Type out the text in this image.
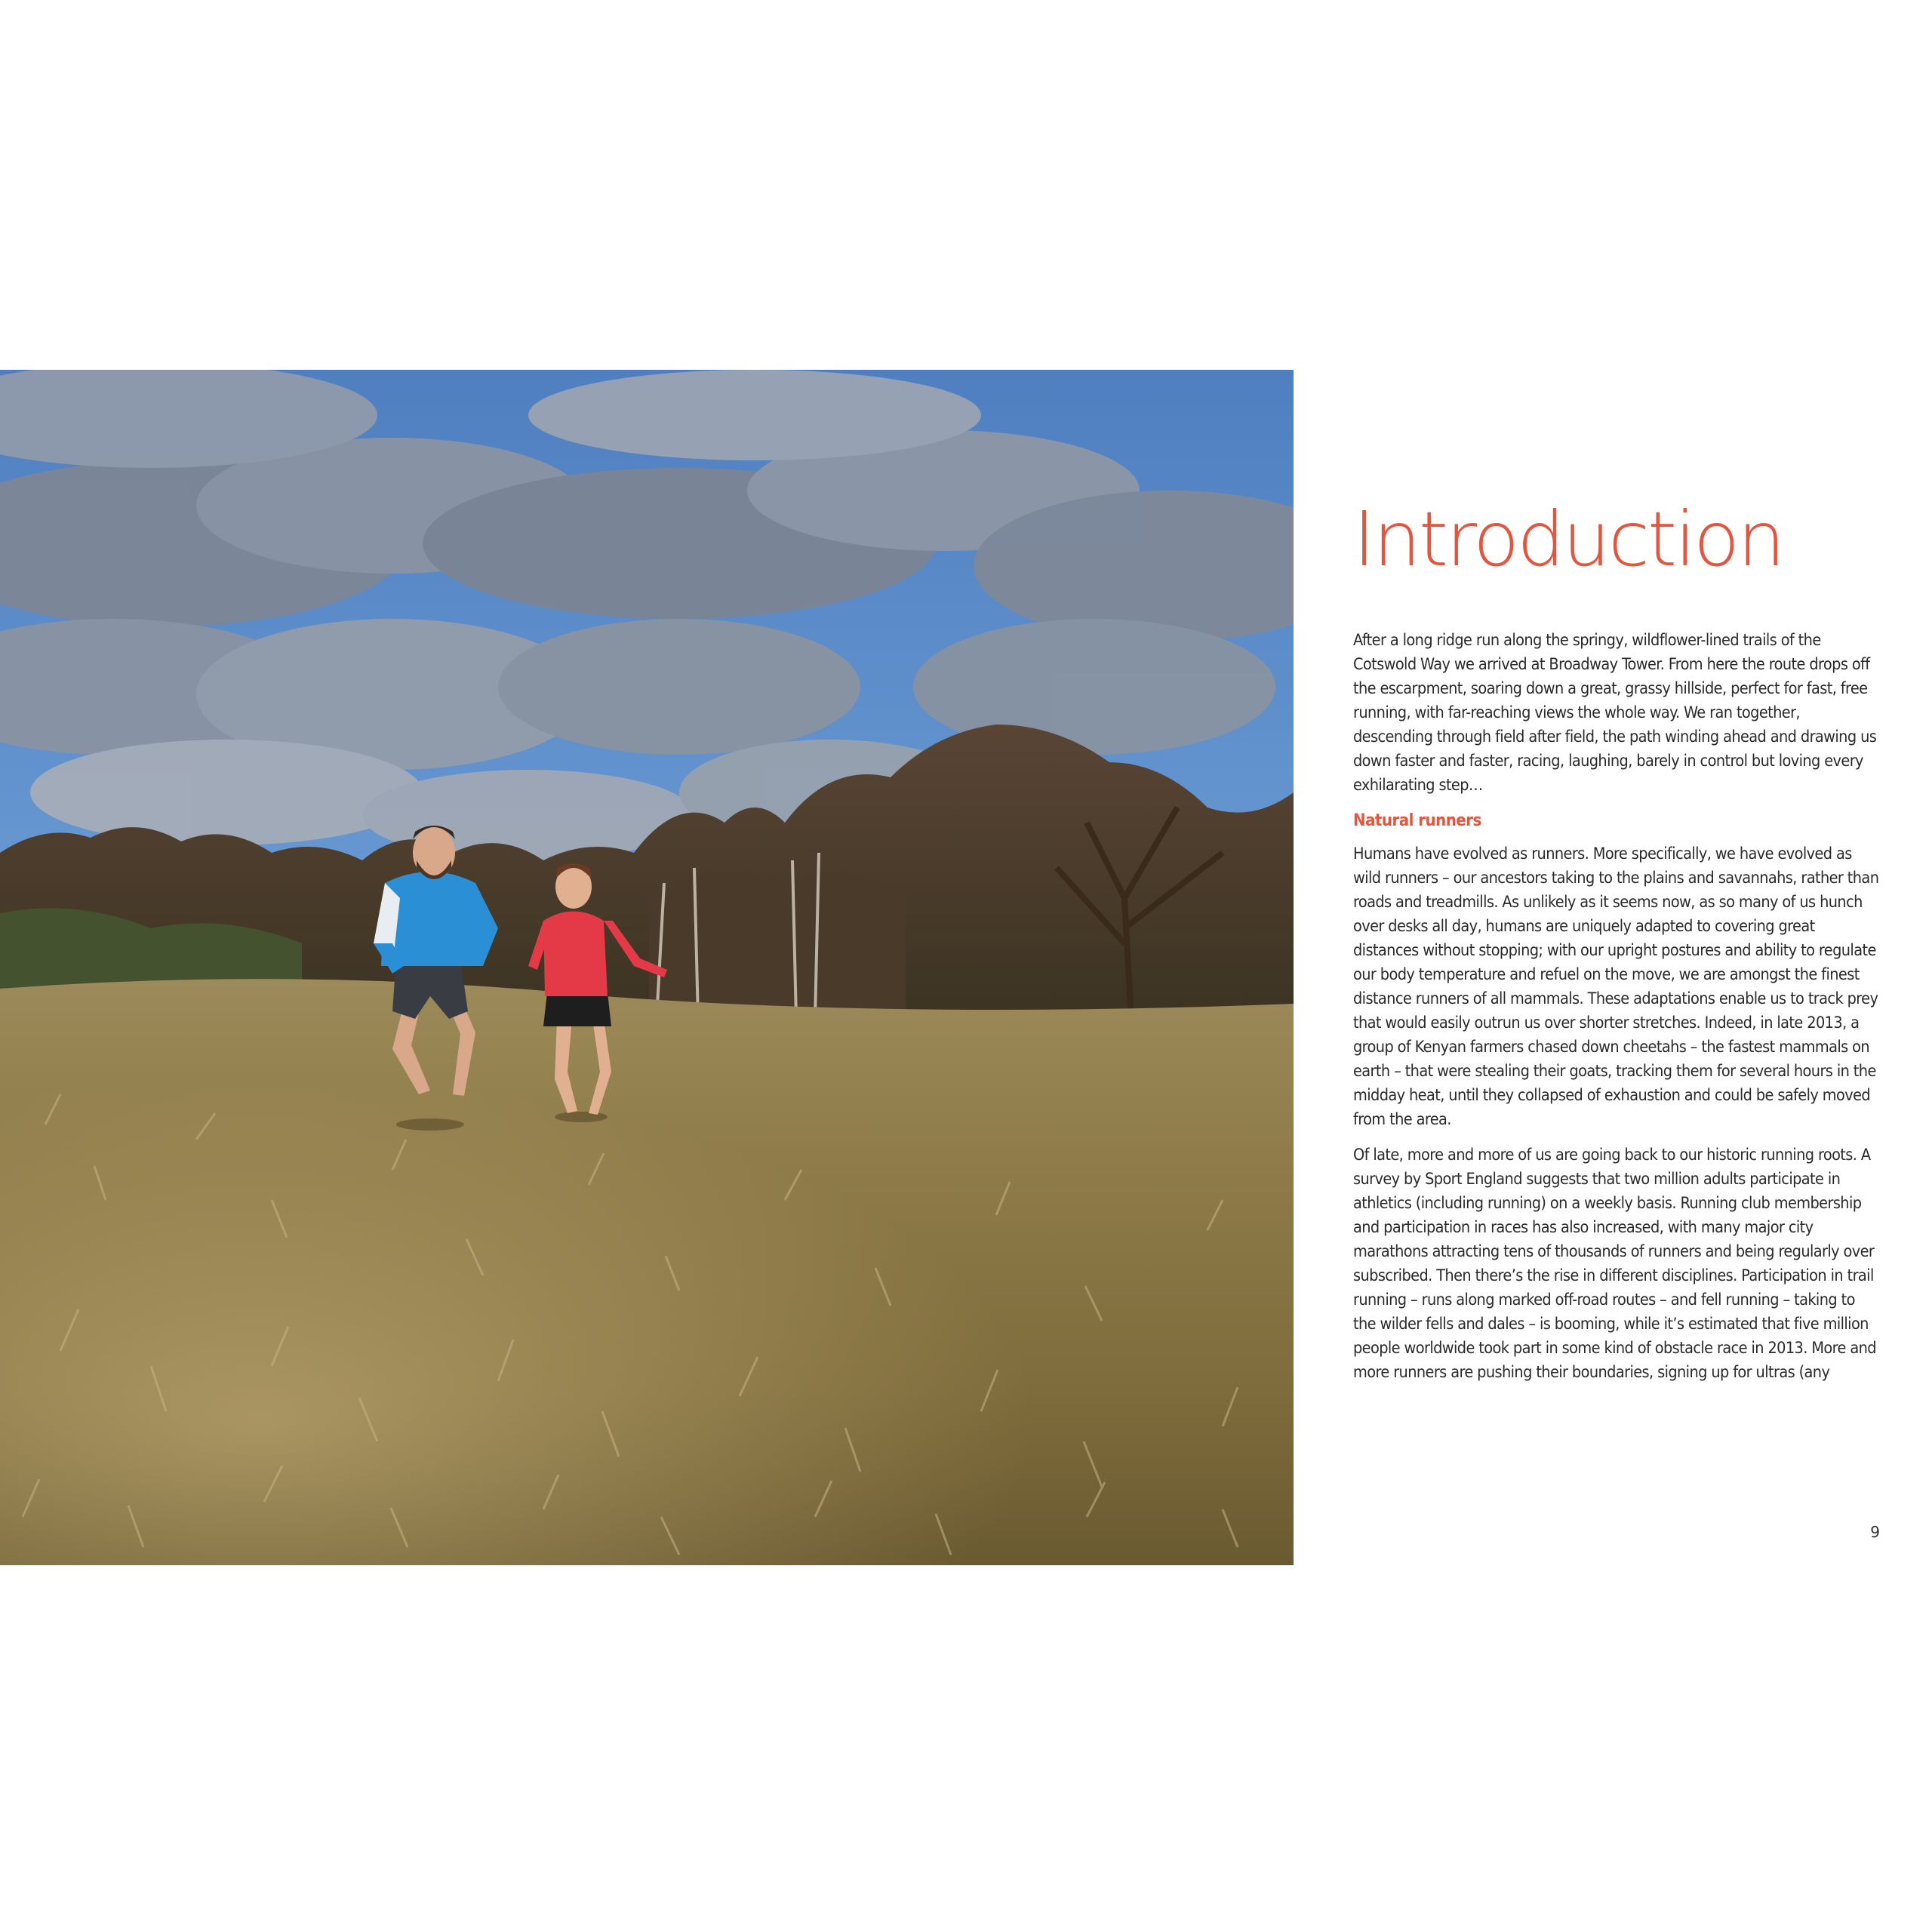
Introduction

After a long ridge run along the springy, wildflower-lined trails of the Cotswold Way we arrived at Broadway Tower. From here the route drops off the escarpment, soaring down a great, grassy hillside, perfect for fast, free running, with far-reaching views the whole way. We ran together, descending through field after field, the path winding ahead and drawing us down faster and faster, racing, laughing, barely in control but loving every exhilarating step…

Natural runners

Humans have evolved as runners. More specifically, we have evolved as wild runners – our ancestors taking to the plains and savannahs, rather than roads and treadmills. As unlikely as it seems now, as so many of us hunch over desks all day, humans are uniquely adapted to covering great distances without stopping; with our upright postures and ability to regulate our body temperature and refuel on the move, we are amongst the finest distance runners of all mammals. These adaptations enable us to track prey that would easily outrun us over shorter stretches. Indeed, in late 2013, a group of Kenyan farmers chased down cheetahs – the fastest mammals on earth – that were stealing their goats, tracking them for several hours in the midday heat, until they collapsed of exhaustion and could be safely moved from the area.

Of late, more and more of us are going back to our historic running roots. A survey by Sport England suggests that two million adults participate in athletics (including running) on a weekly basis. Running club membership and participation in races has also increased, with many major city marathons attracting tens of thousands of runners and being regularly over subscribed. Then there’s the rise in different disciplines. Participation in trail running – runs along marked off-road routes – and fell running – taking to the wilder fells and dales – is booming, while it’s estimated that five million people worldwide took part in some kind of obstacle race in 2013. More and more runners are pushing their boundaries, signing up for ultras (any

9
